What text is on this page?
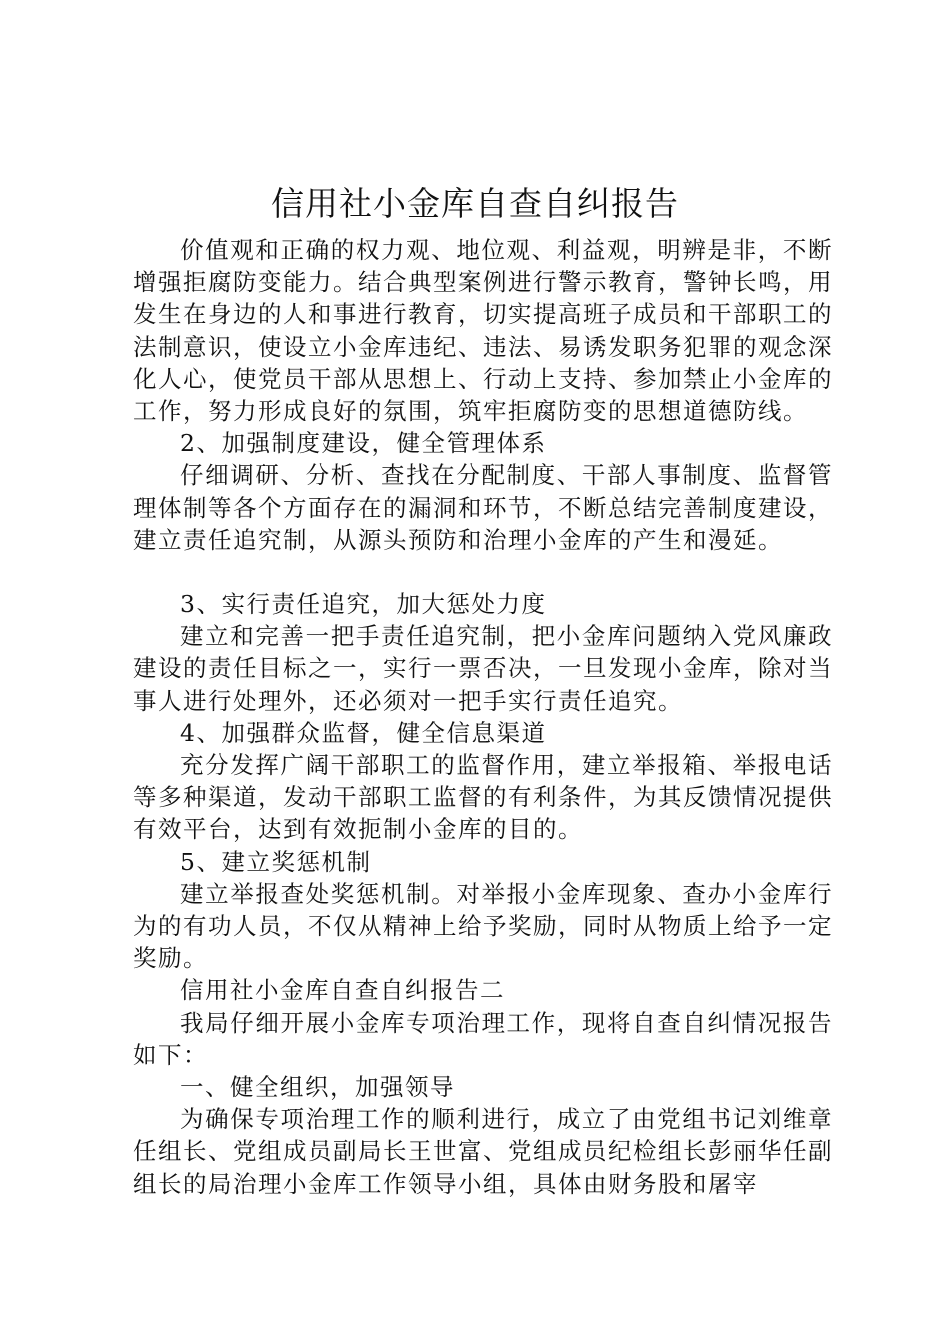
信用社小金库自查自纠报告

价值观和正确的权力观、地位观、利益观，明辨是非，不断增强拒腐防变能力。结合典型案例进行警示教育，警钟长鸣，用发生在身边的人和事进行教育，切实提高班子成员和干部职工的法制意识，使设立小金库违纪、违法、易诱发职务犯罪的观念深化人心，使党员干部从思想上、行动上支持、参加禁止小金库的工作，努力形成良好的氛围，筑牢拒腐防变的思想道德防线。

2、加强制度建设，健全管理体系

仔细调研、分析、查找在分配制度、干部人事制度、监督管理体制等各个方面存在的漏洞和环节，不断总结完善制度建设，建立责任追究制，从源头预防和治理小金库的产生和漫延。

3、实行责任追究，加大惩处力度

建立和完善一把手责任追究制，把小金库问题纳入党风廉政建设的责任目标之一，实行一票否决，一旦发现小金库，除对当事人进行处理外，还必须对一把手实行责任追究。

4、加强群众监督，健全信息渠道

充分发挥广阔干部职工的监督作用，建立举报箱、举报电话等多种渠道，发动干部职工监督的有利条件，为其反馈情况提供有效平台，达到有效扼制小金库的目的。

5、建立奖惩机制

建立举报查处奖惩机制。对举报小金库现象、查办小金库行为的有功人员，不仅从精神上给予奖励，同时从物质上给予一定奖励。

信用社小金库自查自纠报告二

我局仔细开展小金库专项治理工作，现将自查自纠情况报告如下：

一、健全组织，加强领导

为确保专项治理工作的顺利进行，成立了由党组书记刘维章任组长、党组成员副局长王世富、党组成员纪检组长彭丽华任副组长的局治理小金库工作领导小组，具体由财务股和屠宰
